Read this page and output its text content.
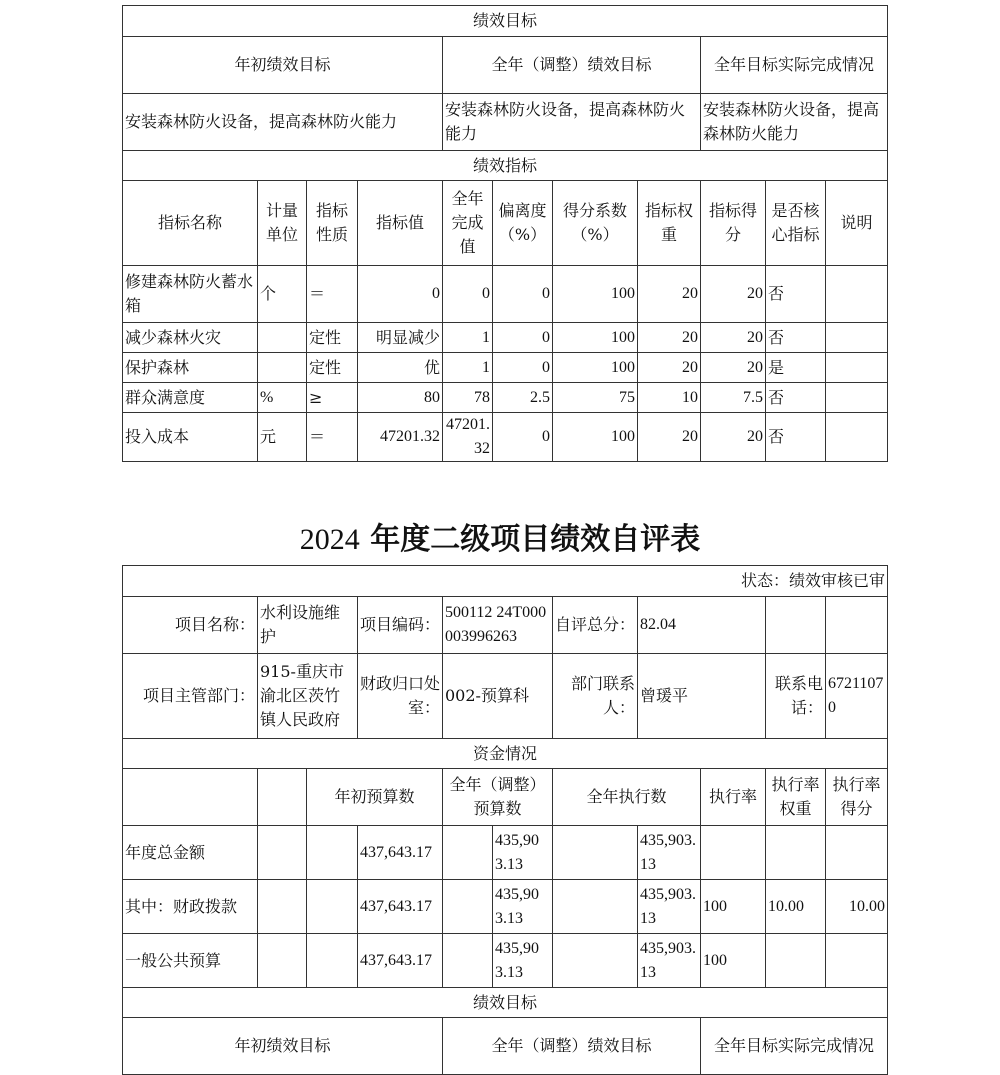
绩效目标										
年初绩效目标				全年（调整）绩效目标				全年目标实际完成情况		
安装森林防火设备，提高森林防火能力				安装森林防火设备，提高森林防火能力				安装森林防火设备，提高森林防火能力		
绩效指标										
指标名称	计量单位	指标性质	指标值	全年完成值	偏离度（%）	得分系数（%）	指标权重	指标得分	是否核心指标	说明
修建森林防火蓄水箱	个	＝	0	0	0	100	20	20	否	
减少森林火灾		定性	明显减少	1	0	100	20	20	否	
保护森林		定性	优	1	0	100	20	20	是	
群众满意度	%	≥	80	78	2.5	75	10	7.5	否	
投入成本	元	＝	47201.32	47201.32	0	100	20	20	否	
2024 年度二级项目绩效自评表
状态：绩效审核已审										
项目名称：	水利设施维护		项目编码：	500112 24T000003996263		自评总分：	82.04			
项目主管部门：	915-重庆市渝北区茨竹镇人民政府		财政归口处室：	002-预算科		部门联系人：	曾瑗平		联系电话：	67211070
资金情况										
		年初预算数		全年（调整）预算数		全年执行数		执行率	执行率权重	执行率得分
年度总金额			437,643.17		435,903.13		435,903.13			
其中：财政拨款			437,643.17		435,903.13		435,903.13	100	10.00	10.00
一般公共预算			437,643.17		435,903.13		435,903.13	100		
绩效目标										
年初绩效目标				全年（调整）绩效目标				全年目标实际完成情况		
